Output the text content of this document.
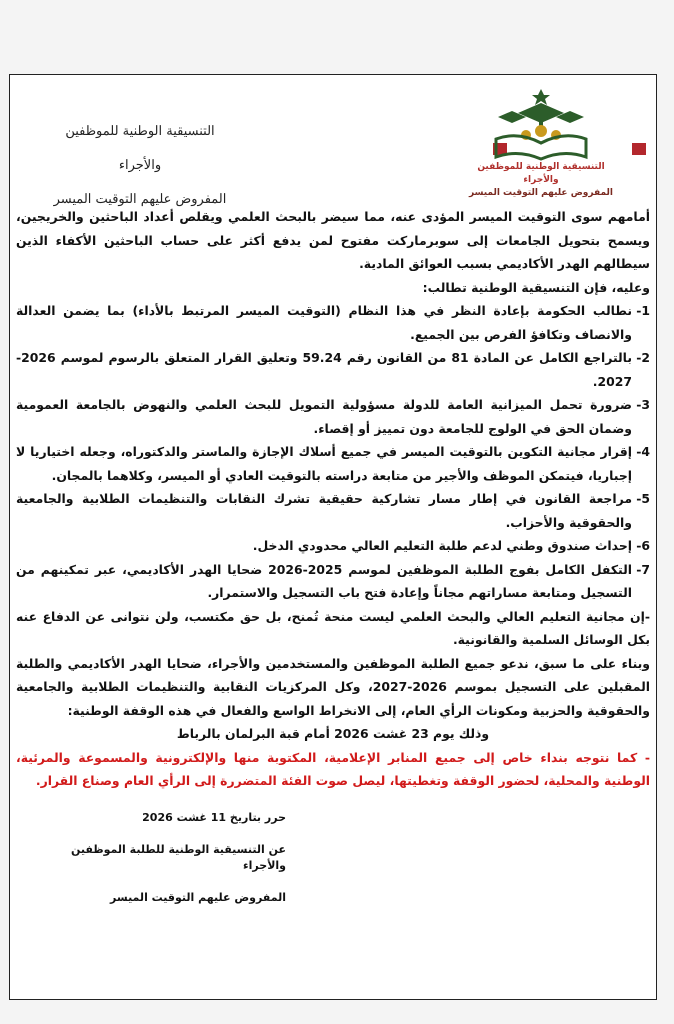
التنسيقية الوطنية للموظفين والأجراء
المفروض عليهم التوقيت الميسر
التنسيقية الوطنية للموظفين والأجراء
المفروض عليهم التوقيت الميسر

أمامهم سوى التوقيت الميسر المؤدى عنه، مما سيضر بالبحث العلمي ويقلص أعداد الباحثين والخريجين، ويسمح بتحويل الجامعات إلى سوبرماركت مفتوح لمن يدفع أكثر على حساب الباحثين الأكفاء الذين سيطالهم الهدر الأكاديمي بسبب العوائق المادية.

وعليه، فإن التنسيقية الوطنية تطالب:

1-
نطالب الحكومة بإعادة النظر في هذا النظام (التوقيت الميسر المرتبط بالأداء) بما يضمن العدالة والانصاف وتكافؤ الفرص بين الجميع.
2-
بالتراجع الكامل عن المادة 81 من القانون رقم 59.24 وتعليق القرار المتعلق بالرسوم لموسم 2026-2027.
3-
ضرورة تحمل الميزانية العامة للدولة مسؤولية التمويل للبحث العلمي والنهوض بالجامعة العمومية وضمان الحق في الولوج للجامعة دون تمييز أو إقصاء.
4-
إقرار مجانية التكوين بالتوقيت الميسر في جميع أسلاك الإجازة والماستر والدكتوراه، وجعله اختياريا لا إجباريا، فيتمكن الموظف والأجير من متابعة دراسته بالتوقيت العادي أو الميسر، وكلاهما بالمجان.
5-
مراجعة القانون في إطار مسار تشاركية حقيقية تشرك النقابات والتنظيمات الطلابية والجامعية والحقوقية والأحزاب.
6-
إحداث صندوق وطني لدعم طلبة التعليم العالي محدودي الدخل.
7-
التكفل الكامل بفوج الطلبة الموظفين لموسم 2025-2026 ضحايا الهدر الأكاديمي، عبر تمكينهم من التسجيل ومتابعة مساراتهم مجاناً وإعادة فتح باب التسجيل والاستمرار.

-إن مجانية التعليم العالي والبحث العلمي ليست منحة تُمنح، بل حق مكتسب، ولن نتوانى عن الدفاع عنه بكل الوسائل السلمية والقانونية.

وبناء على ما سبق، ندعو جميع الطلبة الموظفين والمستخدمين والأجراء، ضحايا الهدر الأكاديمي والطلبة المقبلين على التسجيل بموسم 2026-2027، وكل المركزيات النقابية والتنظيمات الطلابية والجامعية والحقوقية والحزبية ومكونات الرأي العام، إلى الانخراط الواسع والفعال في هذه الوقفة الوطنية:

وذلك يوم 23 غشت 2026 أمام قبة البرلمان بالرباط

- كما نتوجه بنداء خاص إلى جميع المنابر الإعلامية، المكتوبة منها والإلكترونية والمسموعة والمرئية، الوطنية والمحلية، لحضور الوقفة وتغطيتها، ليصل صوت الفئة المتضررة إلى الرأي العام وصناع القرار.

حرر بتاريخ 11 غشت 2026
عن التنسيقية الوطنية للطلبة الموظفين والأجراء
المفروض عليهم التوقيت الميسر
